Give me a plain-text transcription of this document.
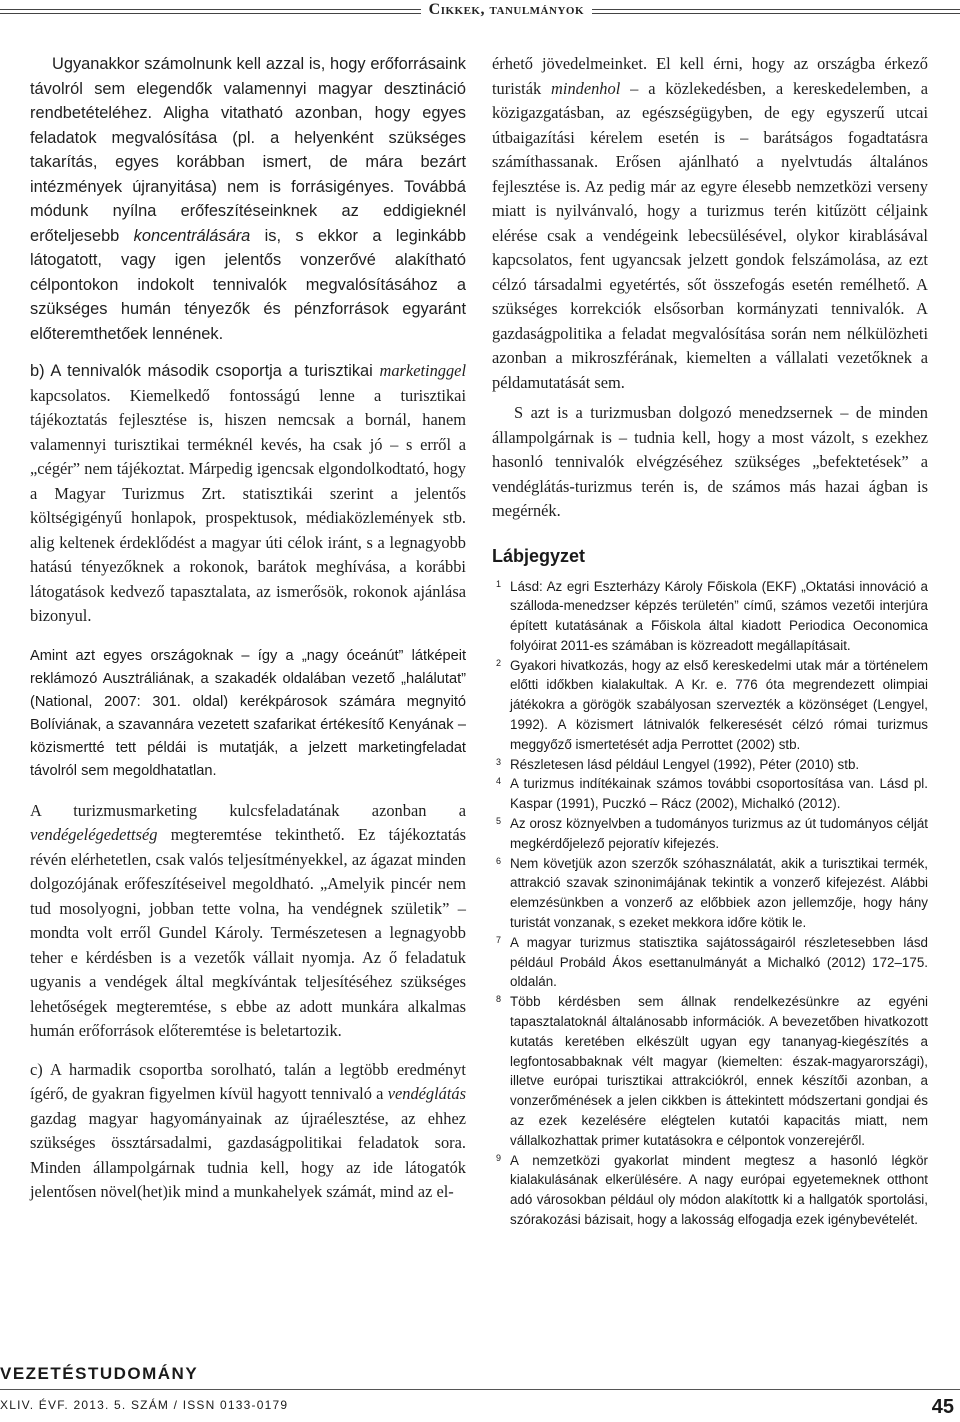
Cikkek, tanulmányok

Ugyanakkor számolnunk kell azzal is, hogy erőforrásaink távolról sem elegendők valamennyi magyar desztináció rendbetételéhez. Aligha vitatható azonban, hogy egyes feladatok megvalósítása (pl. a helyenként szükséges takarítás, egyes korábban ismert, de mára bezárt intézmények újranyitása) nem is forrásigényes. Továbbá módunk nyílna erőfeszítéseinknek az eddigieknél erőteljesebb koncentrálására is, s ekkor a leginkább látogatott, vagy igen jelentős vonzerővé alakítható célpontokon indokolt tennivalók megvalósításához a szükséges humán tényezők és pénzforrások egyaránt előteremthetőek lennének.

b) A tennivalók második csoportja a turisztikai marketinggel kapcsolatos. Kiemelkedő fontosságú lenne a turisztikai tájékoztatás fejlesztése is, hiszen nemcsak a bornál, hanem valamennyi turisztikai terméknél kevés, ha csak jó – s erről a „cégér” nem tájékoztat. Márpedig igencsak elgondolkodtató, hogy a Magyar Turizmus Zrt. statisztikái szerint a jelentős költségigényű honlapok, prospektusok, médiaközlemények stb. alig keltenek érdeklődést a magyar úti célok iránt, s a legnagyobb hatású tényezőknek a rokonok, barátok meghívása, a korábbi látogatások kedvező tapasztalata, az ismerősök, rokonok ajánlása bizonyul.

Amint azt egyes országoknak – így a „nagy óceánút” látképeit reklámozó Ausztráliának, a szakadék oldalában vezető „halálutat” (National, 2007: 301. oldal) kerékpárosok számára megnyitó Bolíviának, a szavannára vezetett szafarikat értékesítő Kenyának – közismertté tett példái is mutatják, a jelzett marketingfeladat távolról sem megoldhatatlan.

A turizmusmarketing kulcsfeladatának azonban a vendégelégedettség megteremtése tekinthető. Ez tájékoztatás révén elérhetetlen, csak valós teljesítményekkel, az ágazat minden dolgozójának erőfeszítéseivel megoldható. „Amelyik pincér nem tud mosolyogni, jobban tette volna, ha vendégnek születik” – mondta volt erről Gundel Károly. Természetesen a legnagyobb teher e kérdésben is a vezetők vállait nyomja. Az ő feladatuk ugyanis a vendégek által megkívántak teljesítéséhez szükséges lehetőségek megteremtése, s ebbe az adott munkára alkalmas humán erőforrások előteremtése is beletartozik.

c) A harmadik csoportba sorolható, talán a legtöbb eredményt ígérő, de gyakran figyelmen kívül hagyott tennivaló a vendéglátás gazdag magyar hagyományainak az újraélesztése, az ehhez szükséges össztársadalmi, gazdaságpolitikai feladatok sora. Minden állampolgárnak tudnia kell, hogy az ide látogatók jelentősen növel(het)ik mind a munkahelyek számát, mind az el-

érhető jövedelmeinket. El kell érni, hogy az országba érkező turisták mindenhol – a közlekedésben, a kereskedelemben, a közigazgatásban, az egészségügyben, de egy egyszerű utcai útbaigazítási kérelem esetén is – barátságos fogadtatásra számíthassanak. Erősen ajánlható a nyelvtudás általános fejlesztése is. Az pedig már az egyre élesebb nemzetközi verseny miatt is nyilvánvaló, hogy a turizmus terén kitűzött céljaink elérése csak a vendégeink lebecsülésével, olykor kirablásával kapcsolatos, fent ugyancsak jelzett gondok felszámolása, az ezt célzó társadalmi egyetértés, sőt összefogás esetén remélhető. A szükséges korrekciók elsősorban kormányzati tennivalók. A gazdaságpolitika a feladat megvalósítása során nem nélkülözheti azonban a mikroszférának, kiemelten a vállalati vezetőknek a példamutatását sem.

S azt is a turizmusban dolgozó menedzsernek – de minden állampolgárnak is – tudnia kell, hogy a most vázolt, s ezekhez hasonló tennivalók elvégzéséhez szükséges „befektetések” a vendéglátás-turizmus terén is, de számos más hazai ágban is megérnék.

Lábjegyzet

1 Lásd: Az egri Eszterházy Károly Főiskola (EKF) „Oktatási innováció a szálloda-menedzser képzés területén” című, számos vezetői interjúra épített kutatásának a Főiskola által kiadott Periodica Oeconomica folyóirat 2011-es számában is közreadott megállapításait.

2 Gyakori hivatkozás, hogy az első kereskedelmi utak már a történelem előtti időkben kialakultak. A Kr. e. 776 óta megrendezett olimpiai játékokra a görögök szabályosan szervezték a közönséget (Lengyel, 1992). A közismert látnivalók felkeresését célzó római turizmus meggyőző ismertetését adja Perrottet (2002) stb.

3 Részletesen lásd például Lengyel (1992), Péter (2010) stb.

4 A turizmus indítékainak számos további csoportosítása van. Lásd pl. Kaspar (1991), Puczkó – Rácz (2002), Michalkó (2012).

5 Az orosz köznyelvben a tudományos turizmus az út tudományos célját megkérdőjelező pejoratív kifejezés.

6 Nem követjük azon szerzők szóhasználatát, akik a turisztikai termék, attrakció szavak szinonimájának tekintik a vonzerő kifejezést. Alábbi elemzésünkben a vonzerő az előbbiek azon jellemzője, hogy hány turistát vonzanak, s ezeket mekkora időre kötik le.

7 A magyar turizmus statisztika sajátosságairól részletesebben lásd például Probáld Ákos esettanulmányát a Michalkó (2012) 172–175. oldalán.

8 Több kérdésben sem állnak rendelkezésünkre az egyéni tapasztalatoknál általánosabb információk. A bevezetőben hivatkozott kutatás keretében elkészült ugyan egy tananyag-kiegészítés a legfontosabbaknak vélt magyar (kiemelten: észak-magyarországi), illetve európai turisztikai attrakciókról, ennek készítői azonban, a vonzerőménések a jelen cikkben is áttekintett módszertani gondjai és az ezek kezelésére elégtelen kutatói kapacitás miatt, nem vállalkozhattak primer kutatásokra e célpontok vonzerejéről.

9 A nemzetközi gyakorlat mindent megtesz a hasonló légkör kialakulásának elkerülésére. A nagy európai egyetemeknek otthont adó városokban például oly módon alakítottk ki a hallgatók sportolási, szórakozási bázisait, hogy a lakosság elfogadja ezek igénybevételét.

VEZETÉSTUDOMÁNY
XLIV. ÉVF. 2013. 5. SZÁM / ISSN 0133-0179	45
